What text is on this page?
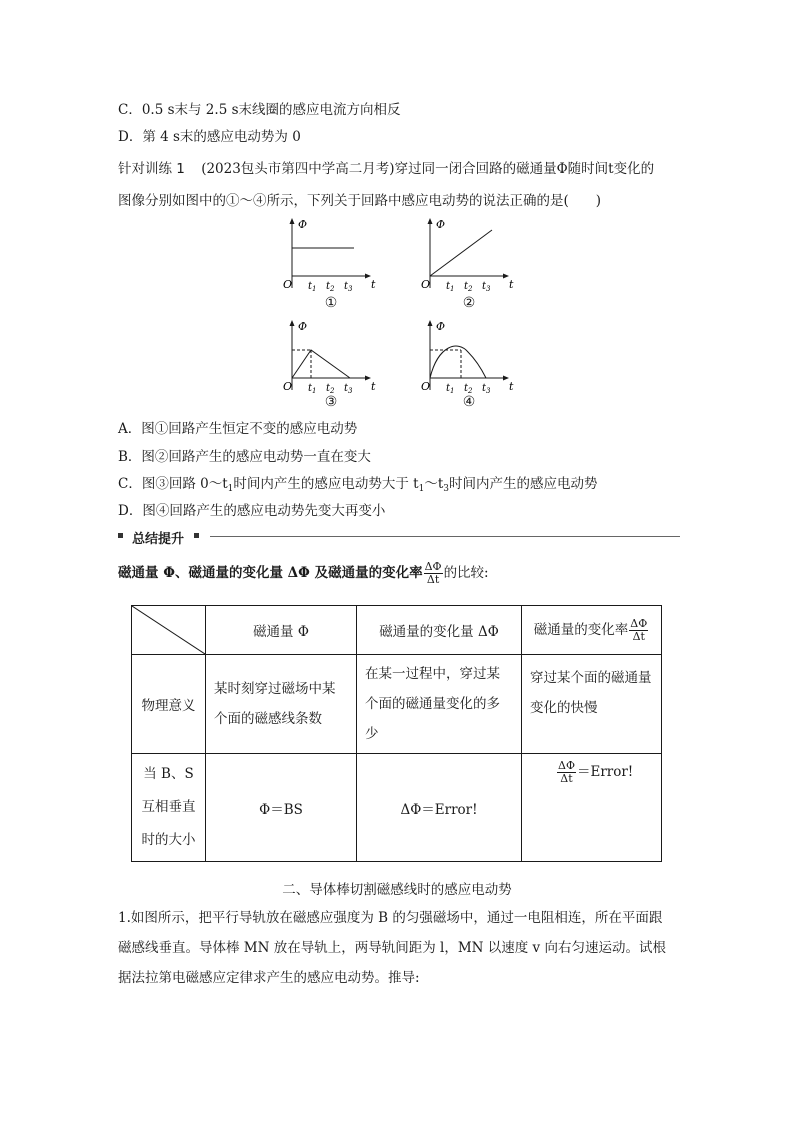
C．0.5 s末与 2.5 s末线圈的感应电流方向相反
D．第 4 s末的感应电动势为 0
针对训练 1 (2023包头市第四中学高二月考)穿过同一闭合回路的磁通量Φ随时间t变化的
图像分别如图中的①～④所示，下列关于回路中感应电动势的说法正确的是(　　)
Φ
O	t
$t_1$ $t_2$ $t_3$
①
Φ
O	t
$t_1$ $t_2$ $t_3$
②
Φ
O	t
$t_1$ $t_2$ $t_3$
③
Φ
O	t
$t_1$ $t_2$ $t_3$
④
A．图①回路产生恒定不变的感应电动势
B．图②回路产生的感应电动势一直在变大
C．图③回路 $0\sim t_1$时间内产生的感应电动势大于 $t_1\sim t_3$时间内产生的感应电动势
D．图④回路产生的感应电动势先变大再变小
总结提升
磁通量 Φ、磁通量的变化量 ΔΦ 及磁通量的变化率 $\frac{\Delta\Phi}{\Delta t}$ 的比较:
	磁通量 Φ	磁通量的变化量 ΔΦ	磁通量的变化率 $\frac{\Delta\Phi}{\Delta t}$

物理意义	某时刻穿过磁场中某个面的磁感线条数	在某一过程中，穿过某个面的磁通量变化的多少	穿过某个面的磁通量变化的快慢
当 B、S 互相垂直时的大小	Φ＝BS	ΔΦ＝Error!	$\frac{\Delta\Phi}{\Delta t}$ ＝Error!
二、导体棒切割磁感线时的感应电动势
1.如图所示，把平行导轨放在磁感应强度为 B 的匀强磁场中，通过一电阻相连，所在平面跟
磁感线垂直。导体棒 MN 放在导轨上，两导轨间距为 l，MN 以速度 v 向右匀速运动。试根
据法拉第电磁感应定律求产生的感应电动势。推导:
